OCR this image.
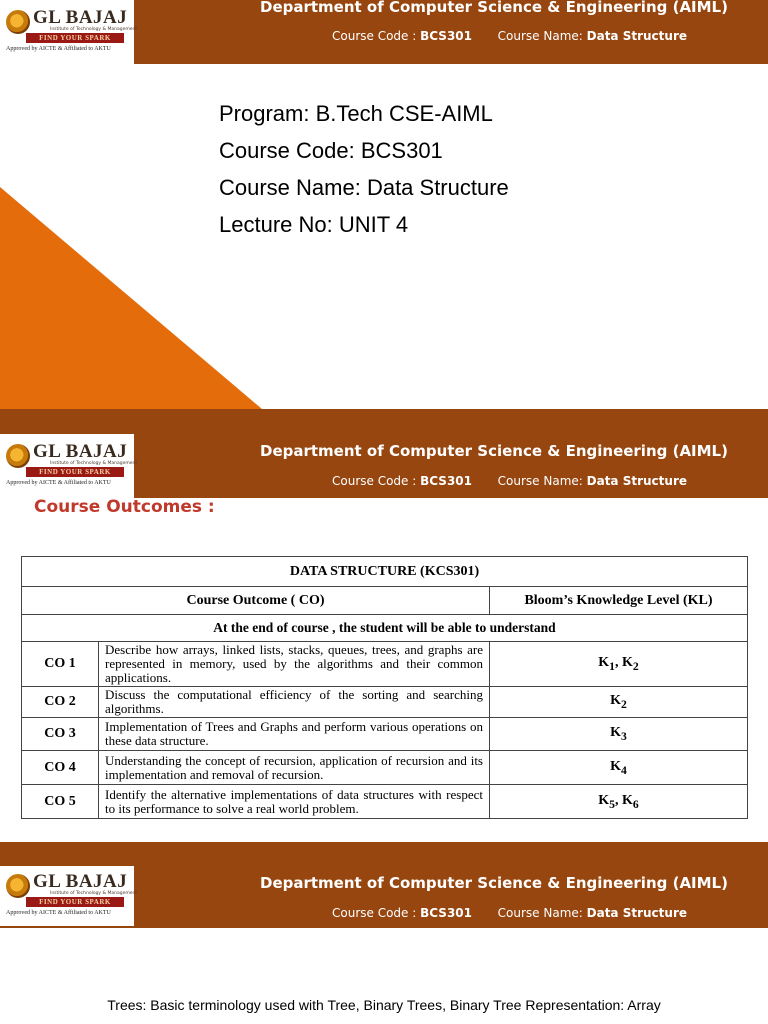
GL BAJAJ
Institute of Technology & Management
FIND YOUR SPARK
Approved by AICTE & Affiliated to AKTU
Department of Computer Science & Engineering (AIML)
Course Code : BCS301 Course Name: Data Structure
Program: B.Tech CSE-AIML
Course Code: BCS301
Course Name: Data Structure
Lecture No: UNIT 4
GL BAJAJ
Institute of Technology & Management
FIND YOUR SPARK
Approved by AICTE & Affiliated to AKTU
Department of Computer Science & Engineering (AIML)
Course Code : BCS301 Course Name: Data Structure
Course Outcomes :
DATA STRUCTURE (KCS301)		
Course Outcome ( CO)		Bloom’s Knowledge Level (KL)
At the end of course , the student will be able to understand		
CO 1	Describe how arrays, linked lists, stacks, queues, trees, and graphs are represented in memory, used by the algorithms and their common applications.	$K_1$, $K_2$
CO 2	Discuss the computational efficiency of the sorting and searching algorithms.	$K_2$
CO 3	Implementation of Trees and Graphs and perform various operations on these data structure.	$K_3$
CO 4	Understanding the concept of recursion, application of recursion and its implementation and removal of recursion.	$K_4$
CO 5	Identify the alternative implementations of data structures with respect to its performance to solve a real world problem.	$K_5$, $K_6$
GL BAJAJ
Institute of Technology & Management
FIND YOUR SPARK
Approved by AICTE & Affiliated to AKTU
Department of Computer Science & Engineering (AIML)
Course Code : BCS301 Course Name: Data Structure
Trees: Basic terminology used with Tree, Binary Trees, Binary Tree Representation: Array
